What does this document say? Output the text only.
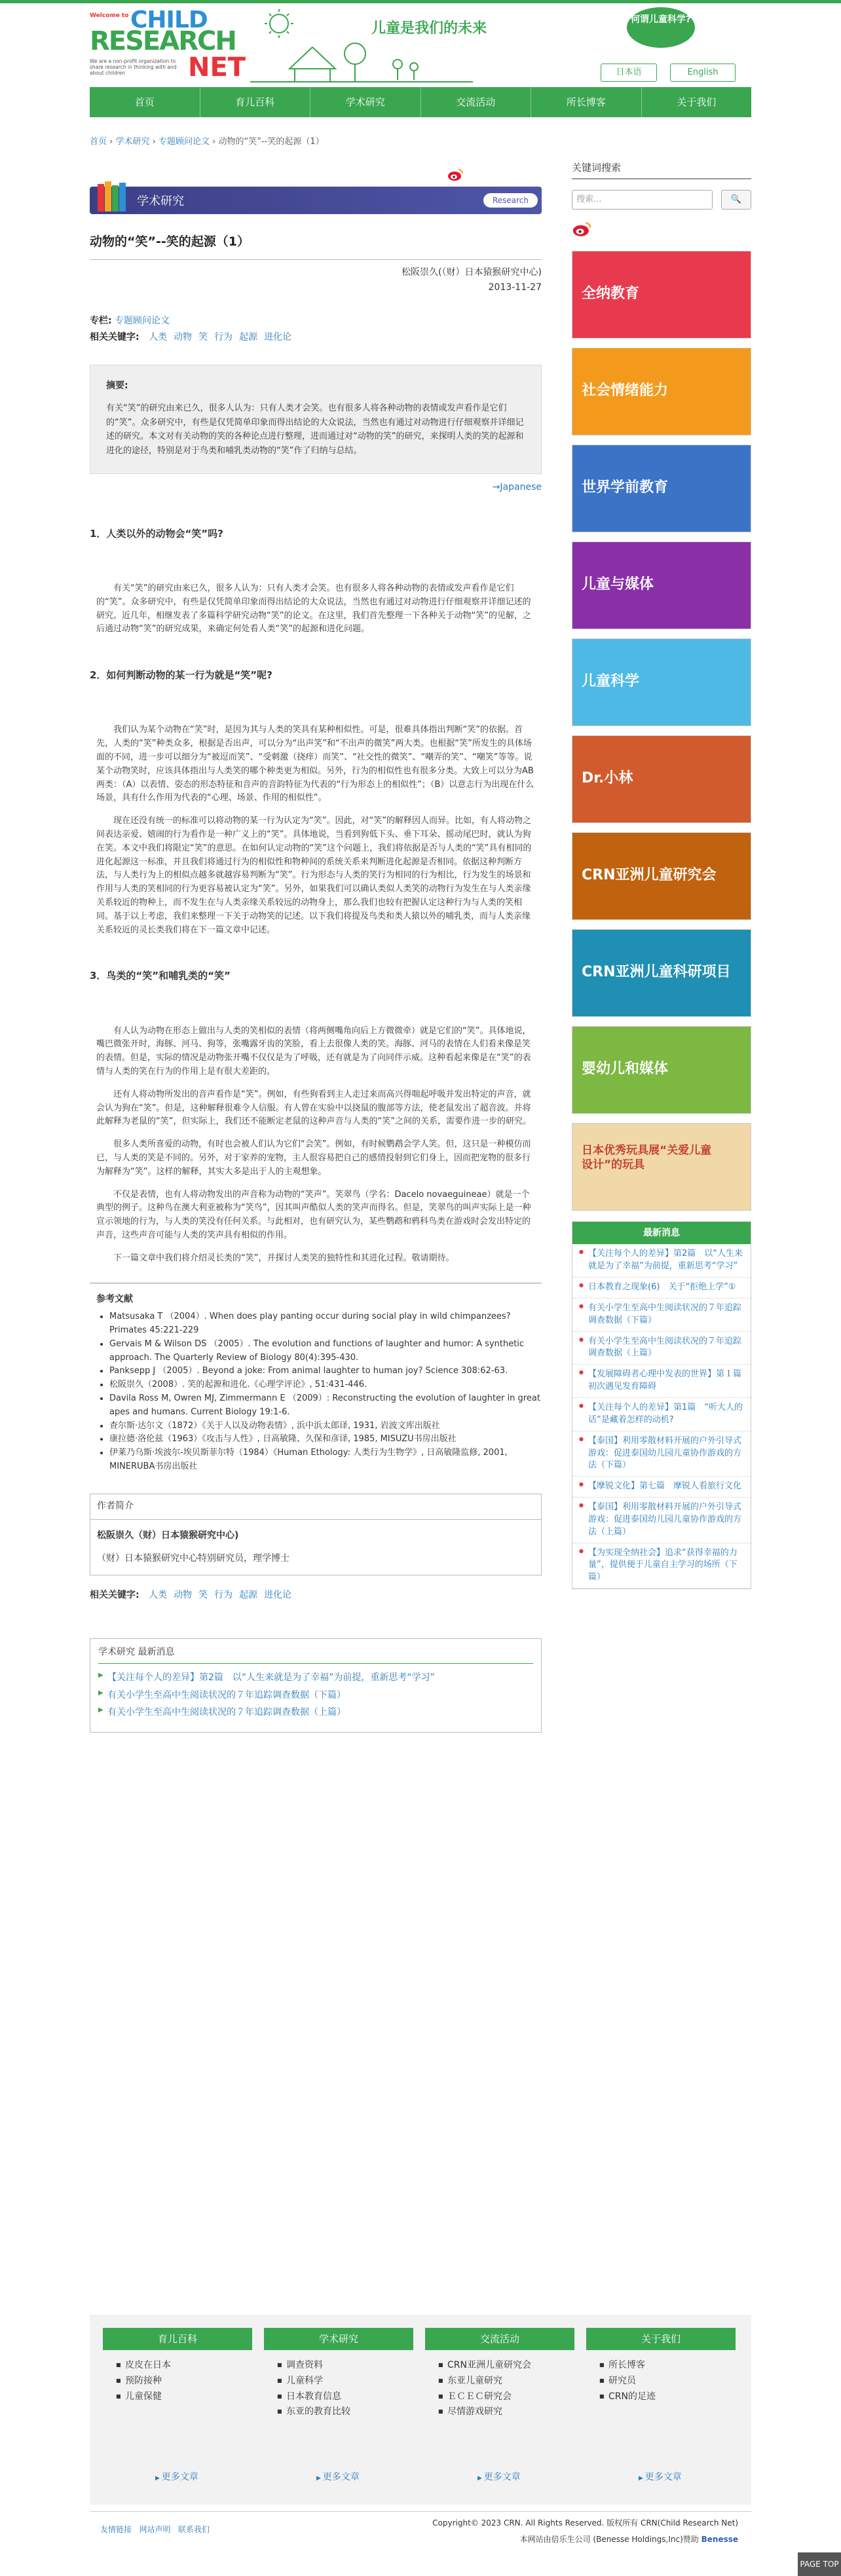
Welcome to CHILD
RESEARCH
NET
We are a non-profit organization to share research in thinking with and about children
儿童是我们的未来
何谓儿童科学?
日本语	English
首页	育儿百科	学术研究	交流活动	所长博客	关于我们
首页 › 学术研究 › 专题顾问论文 › 动物的“笑”--笑的起源（1）
学术研究	Research
动物的“笑”--笑的起源（1）
松阪崇久(（财）日本猿猴研究中心)
2013-11-27
专栏: 专题顾问论文
相关关键字: 人类 动物 笑 行为 起源 进化论
摘要:
有关“笑”的研究由来已久，很多人认为：只有人类才会笑。也有很多人将各种动物的表情或发声看作是它们的“笑”。众多研究中，有些是仅凭简单印象而得出结论的大众说法，当然也有通过对动物进行仔细观察并详细记述的研究。本文对有关动物的笑的各种论点进行整理，进而通过对“动物的笑”的研究，来探明人类的笑的起源和进化的途径，特别是对于鸟类和哺乳类动物的“笑”作了归纳与总结。
→Japanese
1．人类以外的动物会“笑”吗?

有关“笑”的研究由来已久，很多人认为：只有人类才会笑。也有很多人将各种动物的表情或发声看作是它们的“笑”。众多研究中，有些是仅凭简单印象而得出结论的大众说法，当然也有通过对动物进行仔细观察并详细记述的研究。近几年，相继发表了多篇科学研究动物“笑”的论文。在这里，我们首先整理一下各种关于动物“笑”的见解，之后通过动物“笑”的研究成果，来确定何处看人类“笑”的起源和进化问题。

2．如何判断动物的某一行为就是“笑”呢?

我们认为某个动物在“笑”时，是因为其与人类的笑具有某种相似性。可是，很难具体指出判断“笑”的依据。首先，人类的“笑”种类众多，根据是否出声，可以分为“出声笑”和“不出声的微笑”两大类。也根据“笑”所发生的具体场面的不同，进一步可以细分为“被逗而笑”、“受刺激（挠痒）而笑”、“社交性的微笑”、“嘲弄的笑”、“嘲笑”等等。说某个动物笑时，应该具体指出与人类笑的哪个种类更为相似。另外，行为的相似性也有很多分类。大致上可以分为AB两类：（A）以表情、姿态的形态特征和音声的音韵特征为代表的“行为形态上的相似性”；（B）以意志行为出现在什么场景，具有什么作用为代表的“心理、场景、作用的相似性”。

现在还没有统一的标准可以将动物的某一行为认定为“笑”。因此，对“笑”的解释因人而异。比如，有人将动物之间表达亲爱、嬉闹的行为看作是一种广义上的“笑”。具体地说，当看到狗低下头、垂下耳朵、摇动尾巴时，就认为狗在笑。本文中我们将限定“笑”的意思。在如何认定动物的“笑”这个问题上，我们将依据是否与人类的“笑”具有相同的进化起源这一标准，并且我们将通过行为的相似性和物种间的系统关系来判断进化起源是否相同。依据这种判断方法，与人类行为上的相似点越多就越容易判断为“笑”。行为形态与人类的笑行为相同的行为相比，行为发生的场景和作用与人类的笑相同的行为更容易被认定为“笑”。另外，如果我们可以确认类似人类笑的动物行为发生在与人类亲缘关系较近的物种上，而不发生在与人类亲缘关系较远的动物身上，那么我们也较有把握认定这种行为与人类的笑相同。基于以上考虑，我们来整理一下关于动物笑的记述。以下我们将提及鸟类和类人猿以外的哺乳类，而与人类亲缘关系较近的灵长类我们将在下一篇文章中记述。

3．鸟类的“笑”和哺乳类的“笑”

有人认为动物在形态上做出与人类的笑相似的表情（将两侧嘴角向后上方微微牵）就是它们的“笑”。具体地说，嘴巴微张开时，海豚、河马、狗等，张嘴露牙齿的笑脸，看上去很像人类的笑。海豚、河马的表情在人们看来像是笑的表情。但是，实际的情况是动物张开嘴不仅仅是为了呼吸，还有就是为了向同伴示威。这种看起来像是在“笑”的表情与人类的笑在行为的作用上是有很大差距的。

还有人将动物所发出的音声看作是“笑”。例如，有些狗看到主人走过来而高兴得喘起呼吸并发出特定的声音，就会认为狗在“笑”。但是，这种解释很难令人信服。有人曾在实验中以挠鼠的腹部等方法，使老鼠发出了超音波。并将此解释为老鼠的“笑”，但实际上，我们还不能断定老鼠的这种声音与人类的“笑”之间的关系，需要作进一步的研究。

很多人类所喜爱的动物，有时也会被人们认为它们“会笑”。例如，有时候鹦鹉会学人笑。但，这只是一种模仿而已，与人类的笑是不同的。另外，对于家养的宠物，主人很容易把自己的感情投射到它们身上，因而把宠物的很多行为解释为“笑”。这样的解释，其实大多是出于人的主观想象。

不仅是表情，也有人将动物发出的声音称为动物的“笑声”。笑翠鸟（学名：Dacelo novaeguineae）就是一个典型的例子。这种鸟在澳大利亚被称为“笑鸟”，因其叫声酷似人类的笑声而得名。但是，笑翠鸟的叫声实际上是一种宣示领地的行为，与人类的笑没有任何关系。与此相对，也有研究认为，某些鹦鹉和鸦科鸟类在游戏时会发出特定的声音，这些声音可能与人类的笑声具有相似的作用。

下一篇文章中我们将介绍灵长类的“笑”，并探讨人类笑的独特性和其进化过程。敬请期待。

参考文献
• Matsusaka T （2004）. When does play panting occur during social play in wild chimpanzees? Primates 45:221-229
• Gervais M & Wilson DS （2005）. The evolution and functions of laughter and humor: A synthetic approach. The Quarterly Review of Biology 80(4):395-430.
• Panksepp J （2005）. Beyond a joke: From animal laughter to human joy? Science 308:62-63.
• 松阪崇久（2008）. 笑的起源和进化.《心理学评论》, 51:431-446.
• Davila Ross M, Owren MJ, Zimmermann E （2009）: Reconstructing the evolution of laughter in great apes and humans. Current Biology 19:1-6.
• 查尔斯·达尔文（1872）《关于人以及动物表情》, 浜中浜太郎译, 1931, 岩波文库出版社
• 康拉德·洛伦兹（1963）《攻击与人性》, 日高敏隆、久保和彦译, 1985, MISUZU书房出版社
• 伊莱乃乌斯·埃波尔-埃贝斯菲尔特（1984）《Human Ethology: 人类行为生物学》, 日高敏隆监修, 2001, MINERUBA书房出版社
作者简介
松阪崇久（财）日本猿猴研究中心)
（财）日本猿猴研究中心特别研究员，理学博士
相关关键字: 人类 动物 笑 行为 起源 进化论
学术研究 最新消息
▶ 【关注每个人的差异】第2篇　以“人生来就是为了幸福”为前提，重新思考“学习”
▶ 有关小学生至高中生阅读状况的７年追踪调查数据（下篇）
▶ 有关小学生至高中生阅读状况的７年追踪调查数据（上篇）
关键词搜索
搜索...	🔍
全纳教育
社会情绪能力
世界学前教育
儿童与媒体
儿童科学
Dr.小林
CRN亚洲儿童研究会
CRN亚洲儿童科研项目
婴幼儿和媒体
日本优秀玩具展“关爱儿童设计”的玩具
最新消息
● 【关注每个人的差异】第2篇　以“人生来就是为了幸福”为前提，重新思考“学习”
● 日本教育之现象(6)　关于“拒绝上学”①
● 有关小学生至高中生阅读状况的７年追踪调查数据（下篇）
● 有关小学生至高中生阅读状况的７年追踪调查数据（上篇）
● 【发展障碍者心理中发表的世界】第１篇　初次遇见发育障碍
● 【关注每个人的差异】第1篇　“听大人的话”是藏着怎样的动机?
● 【泰国】利用零散材料开展的户外引导式游戏：促进泰国幼儿园儿童协作游戏的方法（下篇）
● 【摩锐文化】第七篇　摩锐人看旅行文化
● 【泰国】利用零散材料开展的户外引导式游戏：促进泰国幼儿园儿童协作游戏的方法（上篇）
● 【为实现全纳社会】追求“获得幸福的力量”，提供便于儿童自主学习的场所（下篇）
育儿百科
■ 皮皮在日本
■ 预防接种
■ 儿童保健
▶ 更多文章
学术研究
■ 调查资料
■ 儿童科学
■ 日本教育信息
■ 东亚的教育比较
▶ 更多文章
交流活动
■ CRN亚洲儿童研究会
■ 东亚儿童研究
■ ＥＣＥＣ研究会
■ 尽情游戏研究
▶ 更多文章
关于我们
■ 所长博客
■ 研究员
■ CRN的足迹
▶ 更多文章
友情链接 网站声明 联系我们
Copyright© 2023 CRN. All Rights Reserved. 版权所有 CRN(Child Research Net)
本网站由倍乐生公司 (Benesse Holdings,Inc)赞助 Benesse
PAGE TOP
